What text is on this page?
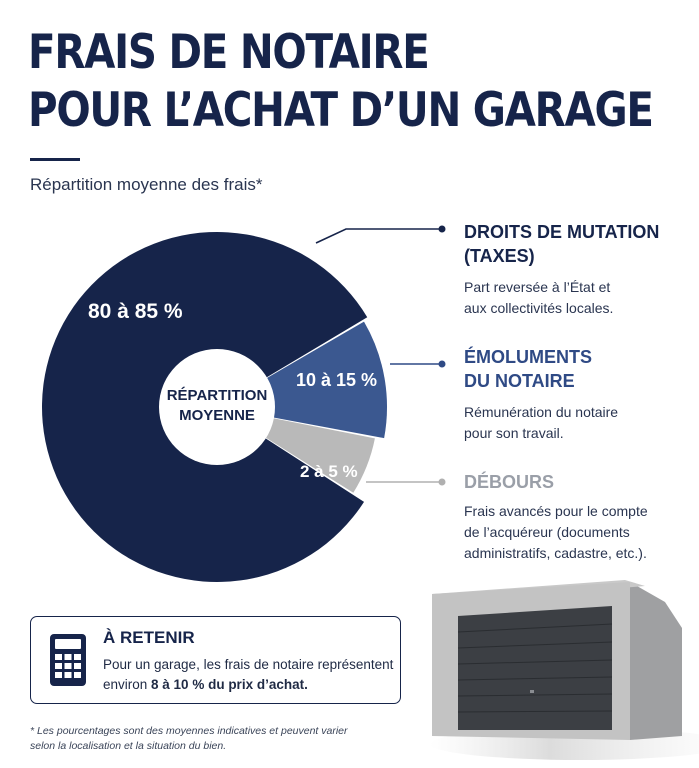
FRAIS DE NOTAIRE
POUR L’ACHAT D’UN GARAGE
Répartition moyenne des frais*
80 à 85 %
10 à 15 %
2 à 5 %
RÉPARTITION
MOYENNE
DROITS DE MUTATION
(TAXES)
Part reversée à l’État et
aux collectivités locales.
ÉMOLUMENTS
DU NOTAIRE
Rémunération du notaire
pour son travail.
DÉBOURS
Frais avancés pour le compte
de l’acquéreur (documents
administratifs, cadastre, etc.).
À RETENIR
Pour un garage, les frais de notaire représentent environ 8 à 10 % du prix d’achat.
* Les pourcentages sont des moyennes indicatives et peuvent varier
selon la localisation et la situation du bien.
